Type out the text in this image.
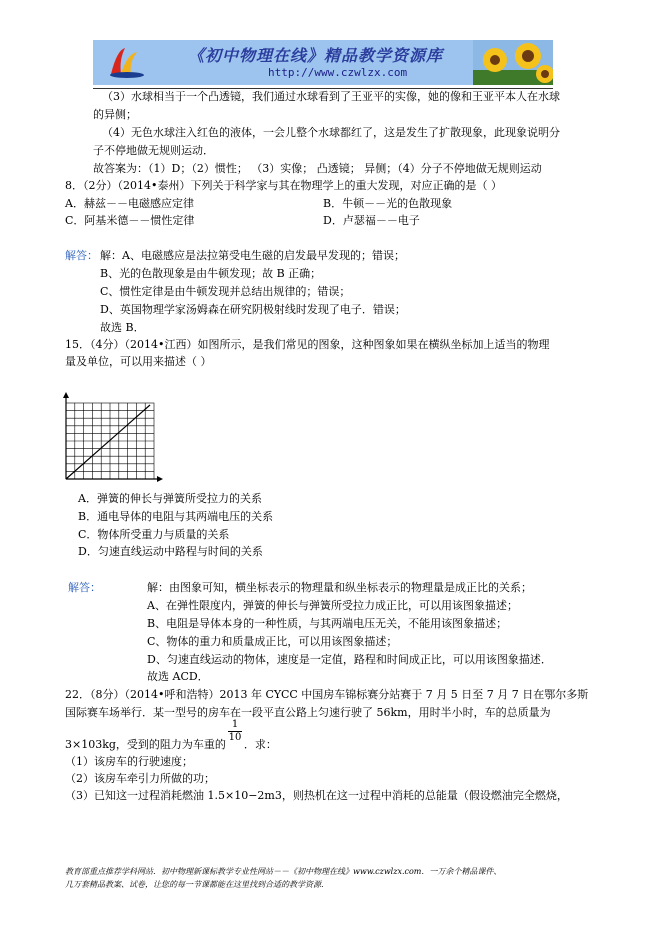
《初中物理在线》精品教学资源库
http://www.czwlzx.com
（3）水球相当于一个凸透镜，我们通过水球看到了王亚平的实像，她的像和王亚平本人在水球
的异侧；
（4）无色水球注入红色的液体，一会儿整个水球都红了，这是发生了扩散现象，此现象说明分
子不停地做无规则运动．
故答案为：（1）D；（2）惯性； （3）实像； 凸透镜； 异侧；（4）分子不停地做无规则运动
8．（2分）（2014•泰州）下列关于科学家与其在物理学上的重大发现，对应正确的是（ ）
A．赫兹－－电磁感应定律	B．牛顿－－光的色散现象
C．阿基米德－－惯性定律	D．卢瑟福－－电子
解答： 解：A、电磁感应是法拉第受电生磁的启发最早发现的；错误；
B、光的色散现象是由牛顿发现；故 B 正确；
C、惯性定律是由牛顿发现并总结出规律的；错误；
D、英国物理学家汤姆森在研究阴极射线时发现了电子．错误；
故选 B．
15．（4分）（2014•江西）如图所示，是我们常见的图象，这种图象如果在横纵坐标加上适当的物理
量及单位，可以用来描述（ ）
A．弹簧的伸长与弹簧所受拉力的关系
B．通电导体的电阻与其两端电压的关系
C．物体所受重力与质量的关系
D．匀速直线运动中路程与时间的关系
解答：	解：由图象可知，横坐标表示的物理量和纵坐标表示的物理量是成正比的关系；
A、在弹性限度内，弹簧的伸长与弹簧所受拉力成正比，可以用该图象描述；
B、电阻是导体本身的一种性质，与其两端电压无关，不能用该图象描述；
C、物体的重力和质量成正比，可以用该图象描述；
D、匀速直线运动的物体，速度是一定值，路程和时间成正比，可以用该图象描述．
故选 ACD．
22．（8分）（2014•呼和浩特）2013 年 CYCC 中国房车锦标赛分站赛于 7 月 5 日至 7 月 7 日在鄂尔多斯
国际赛车场举行．某一型号的房车在一段平直公路上匀速行驶了 56km，用时半小时，车的总质量为
3×103kg，受到的阻力为车重的 ．求：
$\frac{1}{10}$
（1）该房车的行驶速度；
（2）该房车牵引力所做的功；
（3）已知这一过程消耗燃油 1.5×10−2m3，则热机在这一过程中消耗的总能量（假设燃油完全燃烧，
教育部重点推荐学科网站．初中物理新课标教学专业性网站－－《初中物理在线》www.czwlzx.com．一万余个精品课件、
几万套精品教案、试卷，让您的每一节课都能在这里找到合适的教学资源．
